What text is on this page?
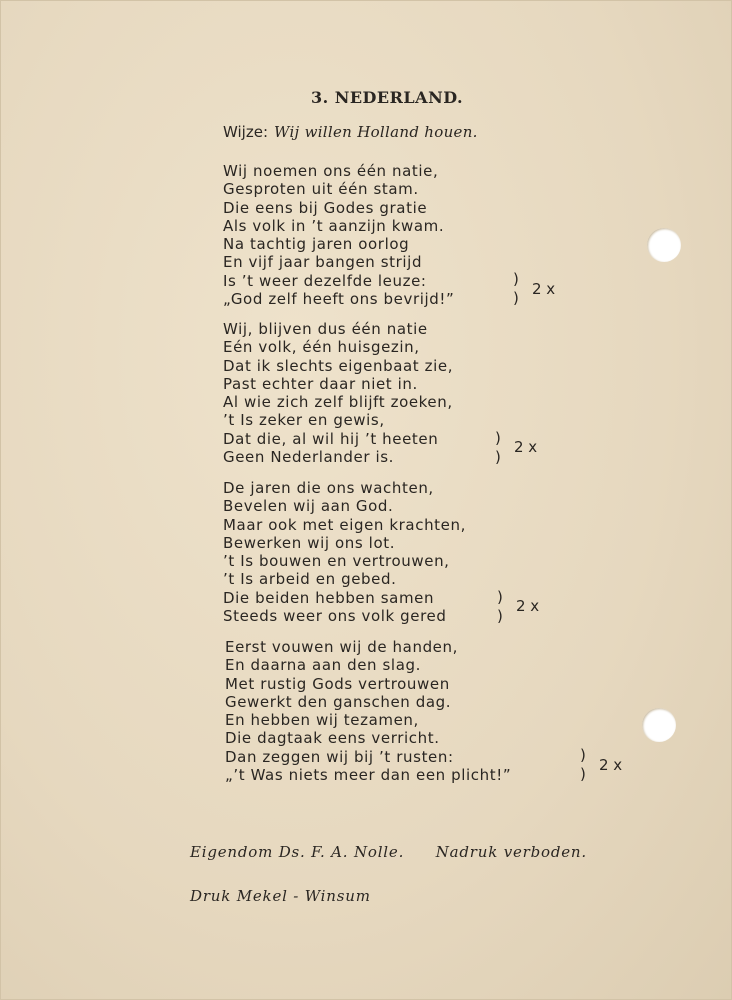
3. NEDERLAND.
Wijze: Wij willen Holland houen.
Wij noemen ons één natie,
Gesproten uit één stam.
Die eens bij Godes gratie
Als volk in ’t aanzijn kwam.
Na tachtig jaren oorlog
En vijf jaar bangen strijd
Is ’t weer dezelfde leuze:
„God zelf heeft ons bevrijd!”
)
) 2 x
Wij, blijven dus één natie
Eén volk, één huisgezin,
Dat ik slechts eigenbaat zie,
Past echter daar niet in.
Al wie zich zelf blijft zoeken,
’t Is zeker en gewis,
Dat die, al wil hij ’t heeten
Geen Nederlander is.
)
)
2 x
De jaren die ons wachten,
Bevelen wij aan God.
Maar ook met eigen krachten,
Bewerken wij ons lot.
’t Is bouwen en vertrouwen,
’t Is arbeid en gebed.
Die beiden hebben samen
Steeds weer ons volk gered
)
)
2 x
Eerst vouwen wij de handen,
En daarna aan den slag.
Met rustig Gods vertrouwen
Gewerkt den ganschen dag.
En hebben wij tezamen,
Die dagtaak eens verricht.
Dan zeggen wij bij ’t rusten:
„’t Was niets meer dan een plicht!”
)
) 2 x
Eigendom Ds. F. A. Nolle. Nadruk verboden.
Druk Mekel - Winsum
